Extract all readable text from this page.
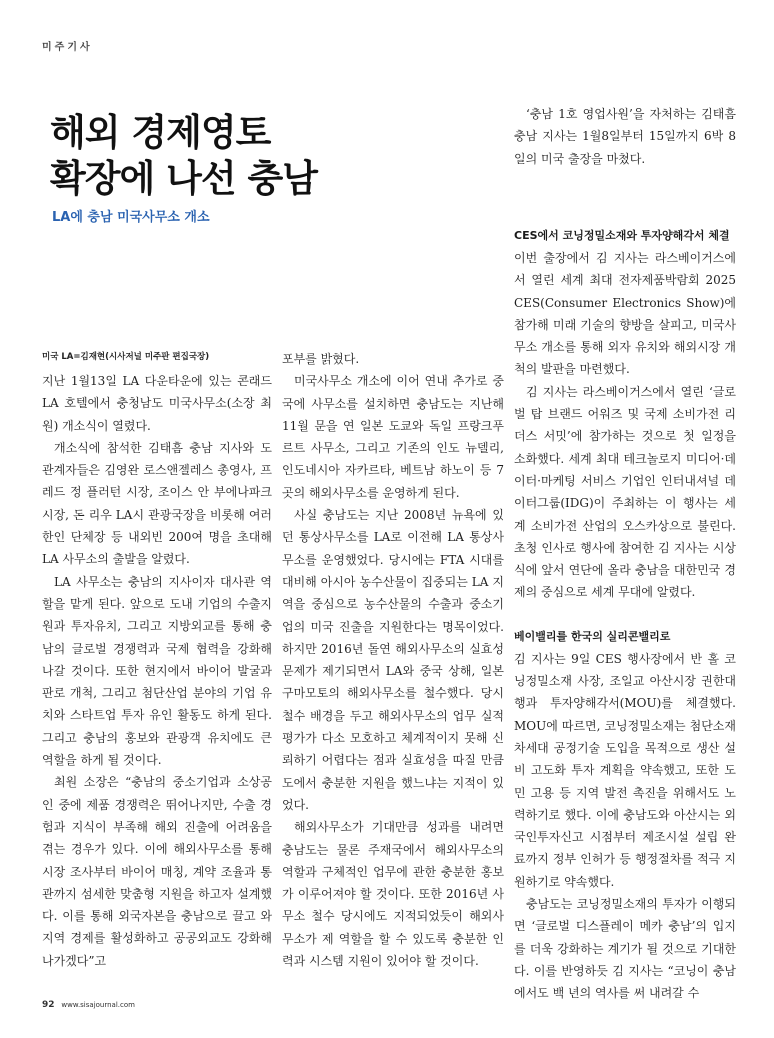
미주기사
해외 경제영토
확장에 나선 충남
LA에 충남 미국사무소 개소
미국 LA=김재현(시사저널 미주판 편집국장)

지난 1월13일 LA 다운타운에 있는 콘래드 LA 호텔에서 충청남도 미국사무소(소장 최원) 개소식이 열렸다.

개소식에 참석한 김태흠 충남 지사와 도 관계자들은 김영완 로스앤젤레스 총영사, 프레드 정 플러턴 시장, 조이스 안 부에나파크 시장, 돈 리우 LA시 관광국장을 비롯해 여러 한인 단체장 등 내외빈 200여 명을 초대해 LA 사무소의 출발을 알렸다.

LA 사무소는 충남의 지사이자 대사관 역할을 맡게 된다. 앞으로 도내 기업의 수출지원과 투자유치, 그리고 지방외교를 통해 충남의 글로벌 경쟁력과 국제 협력을 강화해 나갈 것이다. 또한 현지에서 바이어 발굴과 판로 개척, 그리고 첨단산업 분야의 기업 유치와 스타트업 투자 유인 활동도 하게 된다. 그리고 충남의 홍보와 관광객 유치에도 큰 역할을 하게 될 것이다.

최원 소장은 “충남의 중소기업과 소상공인 중에 제품 경쟁력은 뛰어나지만, 수출 경험과 지식이 부족해 해외 진출에 어려움을 겪는 경우가 있다. 이에 해외사무소를 통해 시장 조사부터 바이어 매칭, 계약 조율과 통관까지 섬세한 맞춤형 지원을 하고자 설계했다. 이를 통해 외국자본을 충남으로 끌고 와 지역 경제를 활성화하고 공공외교도 강화해 나가겠다”고

포부를 밝혔다.

미국사무소 개소에 이어 연내 추가로 중국에 사무소를 설치하면 충남도는 지난해 11월 문을 연 일본 도쿄와 독일 프랑크푸르트 사무소, 그리고 기존의 인도 뉴델리, 인도네시아 자카르타, 베트남 하노이 등 7곳의 해외사무소를 운영하게 된다.

사실 충남도는 지난 2008년 뉴욕에 있던 통상사무소를 LA로 이전해 LA 통상사무소를 운영했었다. 당시에는 FTA 시대를 대비해 아시아 농수산물이 집중되는 LA 지역을 중심으로 농수산물의 수출과 중소기업의 미국 진출을 지원한다는 명목이었다. 하지만 2016년 돌연 해외사무소의 실효성 문제가 제기되면서 LA와 중국 상해, 일본 구마모토의 해외사무소를 철수했다. 당시 철수 배경을 두고 해외사무소의 업무 실적 평가가 다소 모호하고 체계적이지 못해 신뢰하기 어렵다는 점과 실효성을 따질 만큼 도에서 충분한 지원을 했느냐는 지적이 있었다.

해외사무소가 기대만큼 성과를 내려면 충남도는 물론 주재국에서 해외사무소의 역할과 구체적인 업무에 관한 충분한 홍보가 이루어져야 할 것이다. 또한 2016년 사무소 철수 당시에도 지적되었듯이 해외사무소가 제 역할을 할 수 있도록 충분한 인력과 시스템 지원이 있어야 할 것이다.

‘충남 1호 영업사원’을 자처하는 김태흠 충남 지사는 1월8일부터 15일까지 6박 8일의 미국 출장을 마쳤다.

CES에서 코닝정밀소재와 투자양해각서 체결

이번 출장에서 김 지사는 라스베이거스에서 열린 세계 최대 전자제품박람회 2025 CES(Consumer Electronics Show)에 참가해 미래 기술의 향방을 살피고, 미국사무소 개소를 통해 외자 유치와 해외시장 개척의 발판을 마련했다.

김 지사는 라스베이거스에서 열린 ‘글로벌 탑 브랜드 어워즈 및 국제 소비가전 리더스 서밋’에 참가하는 것으로 첫 일정을 소화했다. 세계 최대 테크놀로지 미디어·데이터·마케팅 서비스 기업인 인터내셔널 데이터그룹(IDG)이 주최하는 이 행사는 세계 소비가전 산업의 오스카상으로 불린다. 초청 인사로 행사에 참여한 김 지사는 시상식에 앞서 연단에 올라 충남을 대한민국 경제의 중심으로 세계 무대에 알렸다.

베이밸리를 한국의 실리콘밸리로

김 지사는 9일 CES 행사장에서 반 홀 코닝정밀소재 사장, 조일교 아산시장 권한대행과 투자양해각서(MOU)를 체결했다. MOU에 따르면, 코닝정밀소재는 첨단소재 차세대 공정기술 도입을 목적으로 생산 설비 고도화 투자 계획을 약속했고, 또한 도민 고용 등 지역 발전 촉진을 위해서도 노력하기로 했다. 이에 충남도와 아산시는 외국인투자신고 시점부터 제조시설 설립 완료까지 정부 인허가 등 행정절차를 적극 지원하기로 약속했다.

충남도는 코닝정밀소재의 투자가 이행되면 ‘글로벌 디스플레이 메카 충남’의 입지를 더욱 강화하는 계기가 될 것으로 기대한다. 이를 반영하듯 김 지사는 “코닝이 충남에서도 백 년의 역사를 써 내려갈 수

92 www.sisajournal.com
